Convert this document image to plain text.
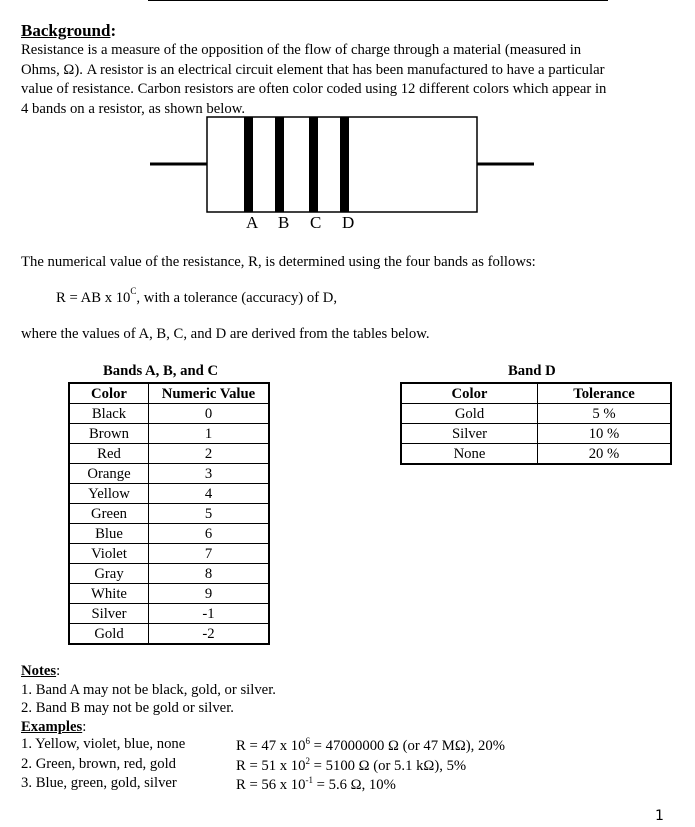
Background:
Resistance is a measure of the opposition of the flow of charge through a material (measured in
Ohms, Ω). A resistor is an electrical circuit element that has been manufactured to have a particular
value of resistance. Carbon resistors are often color coded using 12 different colors which appear in
4 bands on a resistor, as shown below.
A B C D
The numerical value of the resistance, R, is determined using the four bands as follows:
R = AB x $10^C$, with a tolerance (accuracy) of D,
where the values of A, B, C, and D are derived from the tables below.
Bands A, B, and C
Color	Numeric Value
Black	0
Brown	1
Red	2
Orange	3
Yellow	4
Green	5
Blue	6
Violet	7
Gray	8
White	9
Silver	-1
Gold	-2
Band D
Color	Tolerance
Gold	5 %
Silver	10 %
None	20 %
Notes:
1. Band A may not be black, gold, or silver.
2. Band B may not be gold or silver.
Examples:
1. Yellow, violet, blue, none	R = 47 x $10^6 = 47000000$ Ω (or 47 MΩ), 20%
2. Green, brown, red, gold	R = 51 x $10^2 = 5100$ Ω (or 5.1 kΩ), 5%
3. Blue, green, gold, silver	R = 56 x $10^{-1} = 5.6$ Ω, 10%
1
